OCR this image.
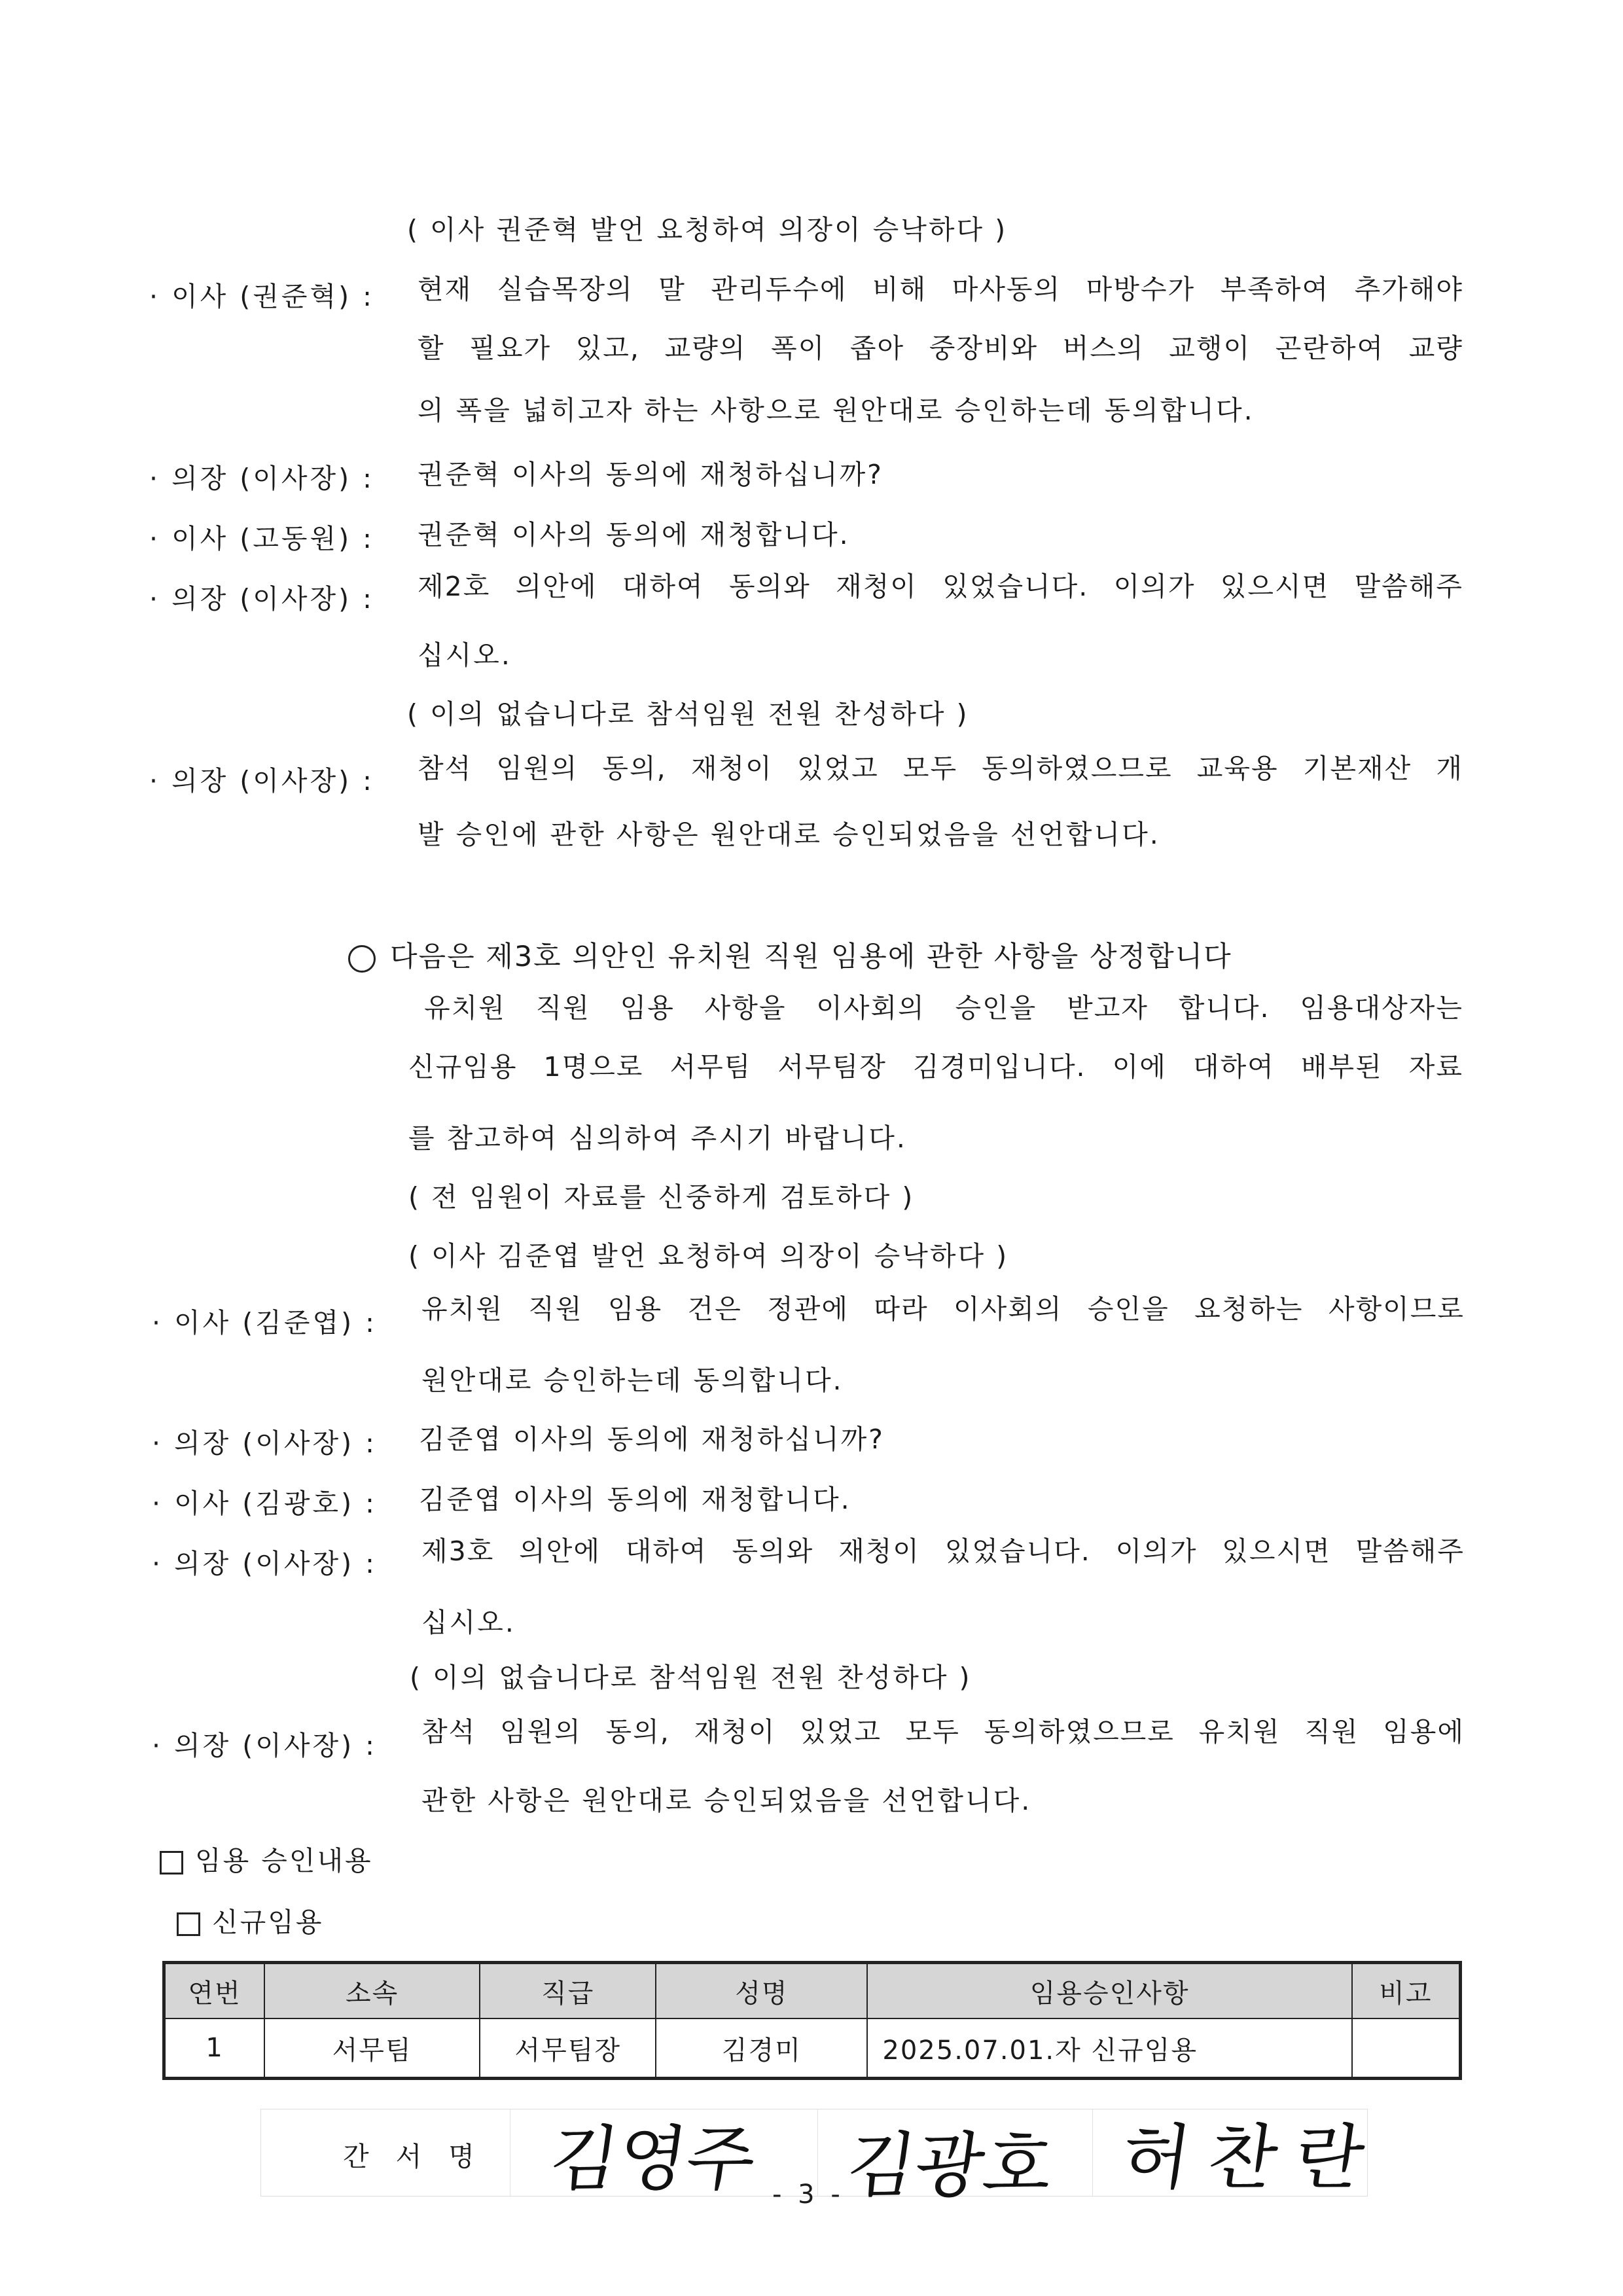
( 이사 권준혁 발언 요청하여 의장이 승낙하다 )
· 이사 (권준혁) : 현재 실습목장의 말 관리두수에 비해 마사동의 마방수가 부족하여 추가해야
할 필요가 있고, 교량의 폭이 좁아 중장비와 버스의 교행이 곤란하여 교량
의 폭을 넓히고자 하는 사항으로 원안대로 승인하는데 동의합니다.
· 의장 (이사장) : 권준혁 이사의 동의에 재청하십니까?
· 이사 (고동원) : 권준혁 이사의 동의에 재청합니다.
· 의장 (이사장) : 제2호 의안에 대하여 동의와 재청이 있었습니다. 이의가 있으시면 말씀해주
십시오.
( 이의 없습니다로 참석임원 전원 찬성하다 )
· 의장 (이사장) : 참석 임원의 동의, 재청이 있었고 모두 동의하였으므로 교육용 기본재산 개
발 승인에 관한 사항은 원안대로 승인되었음을 선언합니다.
다음은 제3호 의안인 유치원 직원 임용에 관한 사항을 상정합니다
유치원 직원 임용 사항을 이사회의 승인을 받고자 합니다. 임용대상자는
신규임용 1명으로 서무팀 서무팀장 김경미입니다. 이에 대하여 배부된 자료
를 참고하여 심의하여 주시기 바랍니다.
( 전 임원이 자료를 신중하게 검토하다 )
( 이사 김준엽 발언 요청하여 의장이 승낙하다 )
· 이사 (김준엽) : 유치원 직원 임용 건은 정관에 따라 이사회의 승인을 요청하는 사항이므로
원안대로 승인하는데 동의합니다.
· 의장 (이사장) : 김준엽 이사의 동의에 재청하십니까?
· 이사 (김광호) : 김준엽 이사의 동의에 재청합니다.
· 의장 (이사장) : 제3호 의안에 대하여 동의와 재청이 있었습니다. 이의가 있으시면 말씀해주
십시오.
( 이의 없습니다로 참석임원 전원 찬성하다 )
· 의장 (이사장) : 참석 임원의 동의, 재청이 있었고 모두 동의하였으므로 유치원 직원 임용에
관한 사항은 원안대로 승인되었음을 선언합니다.
임용 승인내용
신규임용
연번	소속	직급	성명	임용승인사항	비고
1	서무팀	서무팀장	김경미	2025.07.01.자 신규임용	
간 서 명 김영주 김광호 허찬란
- 3 -
